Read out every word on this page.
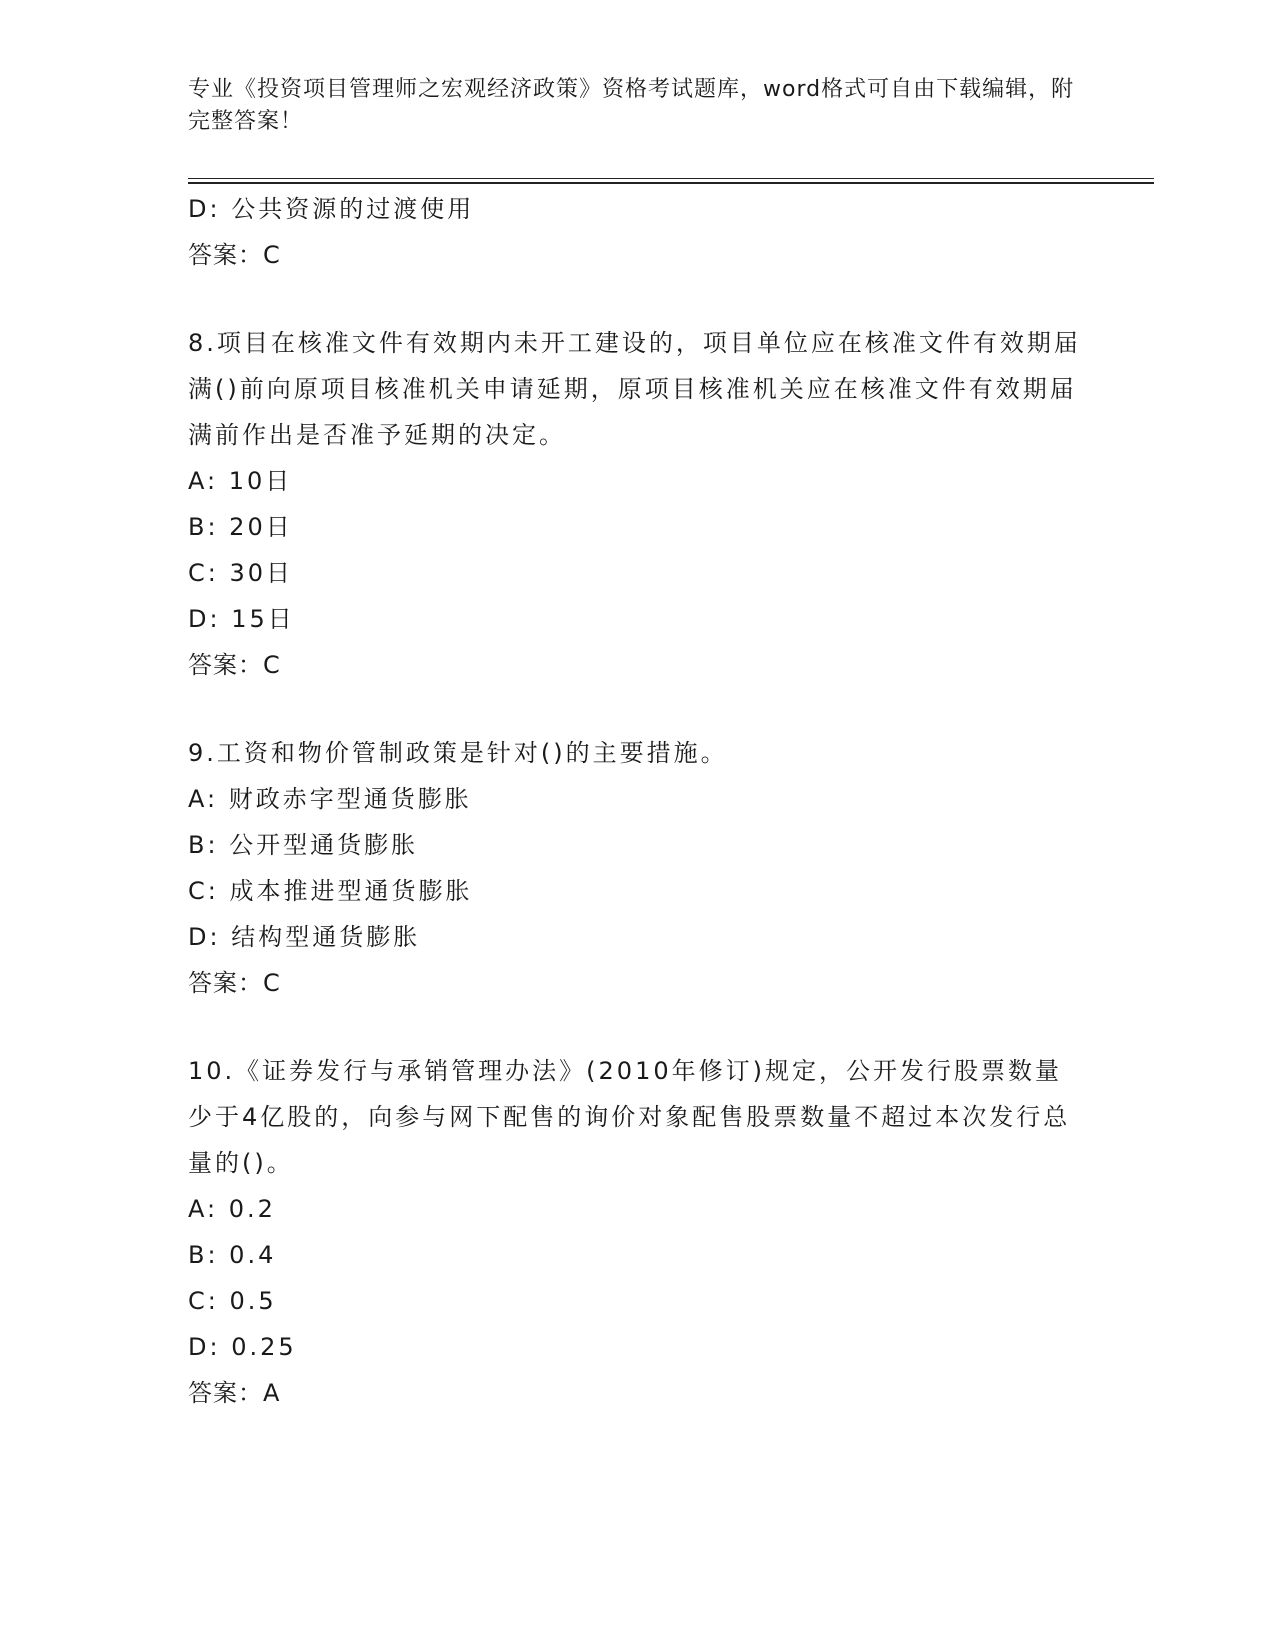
专业《投资项目管理师之宏观经济政策》资格考试题库，word格式可自由下载编辑，附完整答案！
D: 公共资源的过渡使用
答案：C
8.项目在核准文件有效期内未开工建设的，项目单位应在核准文件有效期届满()前向原项目核准机关申请延期，原项目核准机关应在核准文件有效期届满前作出是否准予延期的决定。
A: 10日
B: 20日
C: 30日
D: 15日
答案：C
9.工资和物价管制政策是针对()的主要措施。
A: 财政赤字型通货膨胀
B: 公开型通货膨胀
C: 成本推进型通货膨胀
D: 结构型通货膨胀
答案：C
10.《证券发行与承销管理办法》(2010年修订)规定，公开发行股票数量少于4亿股的，向参与网下配售的询价对象配售股票数量不超过本次发行总量的()。
A: 0.2
B: 0.4
C: 0.5
D: 0.25
答案：A
